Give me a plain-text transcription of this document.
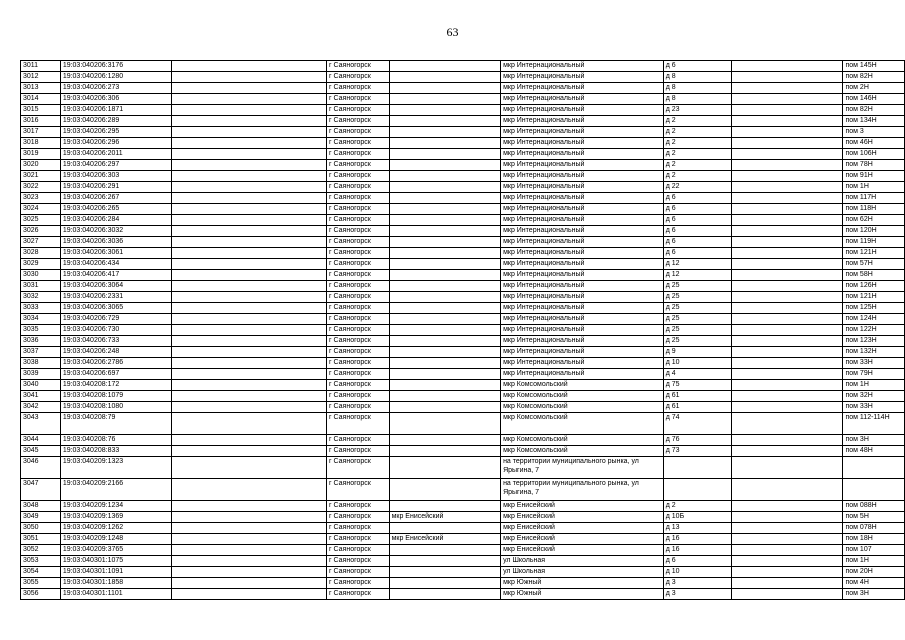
63
3011	19:03:040206:3176		г Саяногорск		мкр Интернациональный	д 6		пом 145Н
3012	19:03:040206:1280		г Саяногорск		мкр Интернациональный	д 8		пом 82Н
3013	19:03:040206:273		г Саяногорск		мкр Интернациональный	д 8		пом 2Н
3014	19:03:040206:306		г Саяногорск		мкр Интернациональный	д 8		пом 146Н
3015	19:03:040206:1871		г Саяногорск		мкр Интернациональный	д 23		пом 82Н
3016	19:03:040206:289		г Саяногорск		мкр Интернациональный	д 2		пом 134Н
3017	19:03:040206:295		г Саяногорск		мкр Интернациональный	д 2		пом 3
3018	19:03:040206:296		г Саяногорск		мкр Интернациональный	д 2		пом 46Н
3019	19:03:040206:2011		г Саяногорск		мкр Интернациональный	д 2		пом 106Н
3020	19:03:040206:297		г Саяногорск		мкр Интернациональный	д 2		пом 78Н
3021	19:03:040206:303		г Саяногорск		мкр Интернациональный	д 2		пом 91Н
3022	19:03:040206:291		г Саяногорск		мкр Интернациональный	д 22		пом 1Н
3023	19:03:040206:267		г Саяногорск		мкр Интернациональный	д 6		пом 117Н
3024	19:03:040206:265		г Саяногорск		мкр Интернациональный	д 6		пом 118Н
3025	19:03:040206:284		г Саяногорск		мкр Интернациональный	д 6		пом 62Н
3026	19:03:040206:3032		г Саяногорск		мкр Интернациональный	д 6		пом 120Н
3027	19:03:040206:3036		г Саяногорск		мкр Интернациональный	д 6		пом 119Н
3028	19:03:040206:3061		г Саяногорск		мкр Интернациональный	д 6		пом 121Н
3029	19:03:040206:434		г Саяногорск		мкр Интернациональный	д 12		пом 57Н
3030	19:03:040206:417		г Саяногорск		мкр Интернациональный	д 12		пом 58Н
3031	19:03:040206:3064		г Саяногорск		мкр Интернациональный	д 25		пом 126Н
3032	19:03:040206:2331		г Саяногорск		мкр Интернациональный	д 25		пом 121Н
3033	19:03:040206:3065		г Саяногорск		мкр Интернациональный	д 25		пом 125Н
3034	19:03:040206:729		г Саяногорск		мкр Интернациональный	д 25		пом 124Н
3035	19:03:040206:730		г Саяногорск		мкр Интернациональный	д 25		пом 122Н
3036	19:03:040206:733		г Саяногорск		мкр Интернациональный	д 25		пом 123Н
3037	19:03:040206:248		г Саяногорск		мкр Интернациональный	д 9		пом 132Н
3038	19:03:040206:2786		г Саяногорск		мкр Интернациональный	д 10		пом 33Н
3039	19:03:040206:697		г Саяногорск		мкр Интернациональный	д 4		пом 79Н
3040	19:03:040208:172		г Саяногорск		мкр Комсомольский	д 75		пом 1Н
3041	19:03:040208:1079		г Саяногорск		мкр Комсомольский	д 61		пом 32Н
3042	19:03:040208:1080		г Саяногорск		мкр Комсомольский	д 61		пом 33Н
3043	19:03:040208:79		г Саяногорск		мкр Комсомольский	д 74		пом 112-114Н
3044	19:03:040208:76		г Саяногорск		мкр Комсомольский	д 76		пом 3Н
3045	19:03:040208:833		г Саяногорск		мкр Комсомольский	д 73		пом 48Н
3046	19:03:040209:1323		г Саяногорск		на территории муниципального рынка, ул Ярыгина, 7			
3047	19:03:040209:2166		г Саяногорск		на территории муниципального рынка, ул Ярыгина, 7			
3048	19:03:040209:1234		г Саяногорск		мкр Енисейский	д 2		пом 088Н
3049	19:03:040209:1369		г Саяногорск	мкр Енисейский	мкр Енисейский	д 10Б		пом 5Н
3050	19:03:040209:1262		г Саяногорск		мкр Енисейский	д 13		пом 078Н
3051	19:03:040209:1248		г Саяногорск	мкр Енисейский	мкр Енисейский	д 16		пом 18Н
3052	19:03:040209:3765		г Саяногорск		мкр Енисейский	д 16		пом 107
3053	19:03:040301:1075		г Саяногорск		ул Школьная	д 6		пом 1Н
3054	19:03:040301:1091		г Саяногорск		ул Школьная	д 10		пом 20Н
3055	19:03:040301:1858		г Саяногорск		мкр Южный	д 3		пом 4Н
3056	19:03:040301:1101		г Саяногорск		мкр Южный	д 3		пом 3Н
